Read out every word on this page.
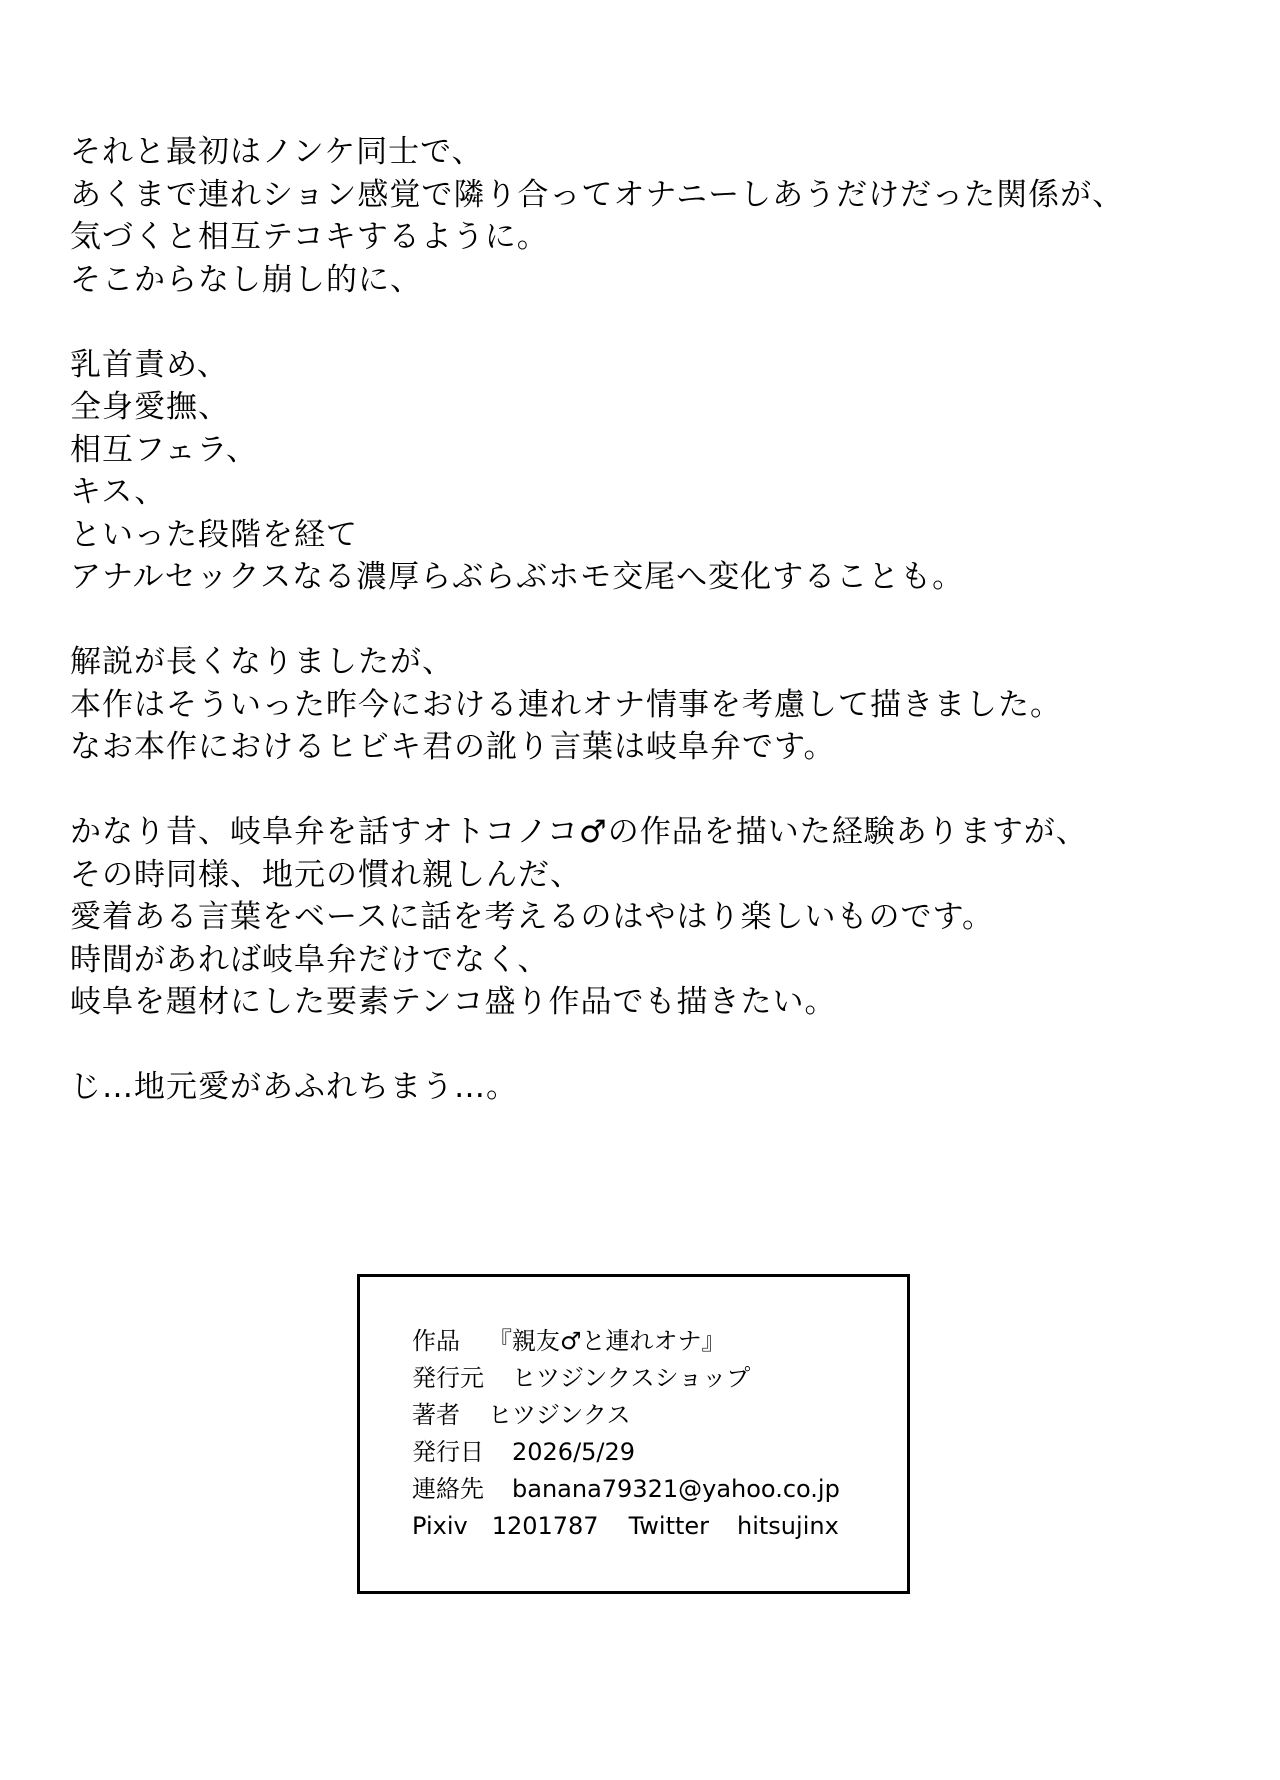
それと最初はノンケ同士で、
あくまで連れション感覚で隣り合ってオナニーしあうだけだった関係が、
気づくと相互テコキするように。
そこからなし崩し的に、
乳首責め、
全身愛撫、
相互フェラ、
キス、
といった段階を経て
アナルセックスなる濃厚らぶらぶホモ交尾へ変化することも。
解説が長くなりましたが、
本作はそういった昨今における連れオナ情事を考慮して描きました。
なお本作におけるヒビキ君の訛り言葉は岐阜弁です。
かなり昔、岐阜弁を話すオトコノコ♂の作品を描いた経験ありますが、
その時同様、地元の慣れ親しんだ、
愛着ある言葉をベースに話を考えるのはやはり楽しいものです。
時間があれば岐阜弁だけでなく、
岐阜を題材にした要素テンコ盛り作品でも描きたい。
じ…地元愛があふれちまう…。
作品 『親友♂と連れオナ』
発行元 ヒツジンクスショップ
著者 ヒツジンクス
発行日 2026/5/29
連絡先 banana79321@yahoo.co.jp
Pixiv 1201787 Twitter hitsujinx
